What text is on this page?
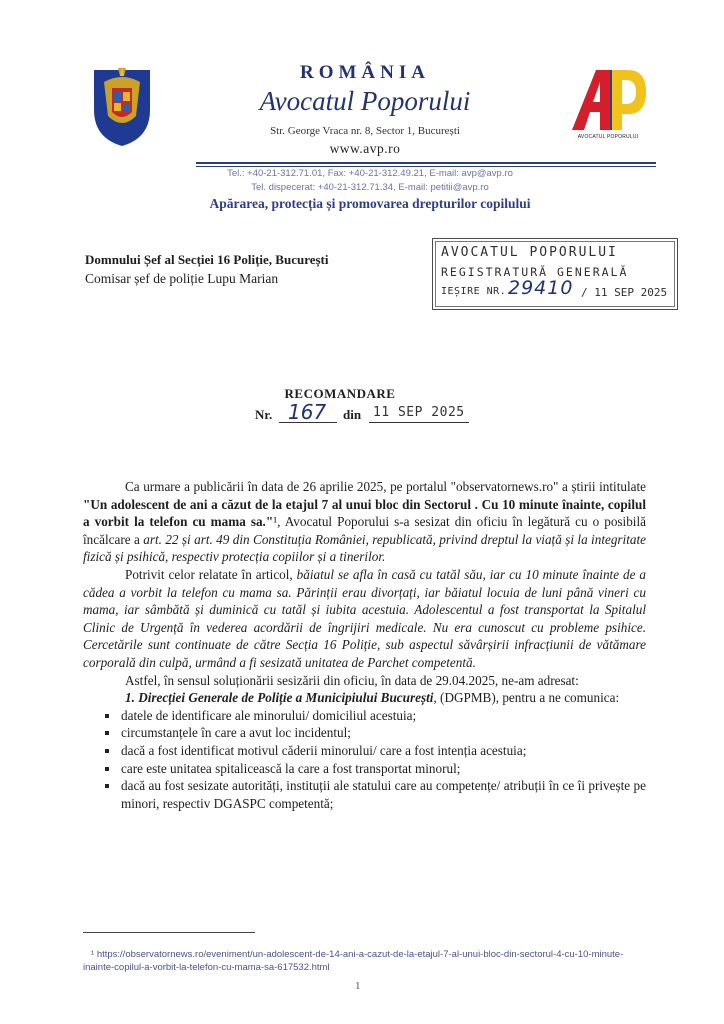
ROMÂNIA
Avocatul Poporului
Str. George Vraca nr. 8, Sector 1, București
www.avp.ro
AVOCATUL POPORULUI
Tel.: +40-21-312.71.01, Fax: +40-21-312.49.21, E-mail: avp@avp.ro
Tel. dispecerat: +40-21-312.71.34, E-mail: petitii@avp.ro
Apărarea, protecția și promovarea drepturilor copilului
Domnului Șef al Secției 16 Poliție, București
Comisar șef de poliție Lupu Marian
AVOCATUL POPORULUI
REGISTRATURĂ GENERALĂ
IEȘIRE NR. 29410 / 11 SEP 2025
RECOMANDARE
Nr. 167 din 11 SEP 2025

Ca urmare a publicării în data de 26 aprilie 2025, pe portalul "observatornews.ro" a știrii intitulate "Un adolescent de ani a căzut de la etajul 7 al unui bloc din Sectorul . Cu 10 minute înainte, copilul a vorbit la telefon cu mama sa."¹, Avocatul Poporului s-a sesizat din oficiu în legătură cu o posibilă încălcare a art. 22 și art. 49 din Constituția României, republicată, privind dreptul la viață și la integritate fizică și psihică, respectiv protecția copiilor și a tinerilor.

Potrivit celor relatate în articol, băiatul se afla în casă cu tatăl său, iar cu 10 minute înainte de a cădea a vorbit la telefon cu mama sa. Părinții erau divorțați, iar băiatul locuia de luni până vineri cu mama, iar sâmbătă și duminică cu tatăl și iubita acestuia. Adolescentul a fost transportat la Spitalul Clinic de Urgență în vederea acordării de îngrijiri medicale. Nu era cunoscut cu probleme psihice. Cercetările sunt continuate de către Secția 16 Poliție, sub aspectul săvârșirii infracțiunii de vătămare corporală din culpă, urmând a fi sesizată unitatea de Parchet competentă.

Astfel, în sensul soluționării sesizării din oficiu, în data de 29.04.2025, ne-am adresat:

1. Direcției Generale de Poliție a Municipiului București, (DGPMB), pentru a ne comunica:

datele de identificare ale minorului/ domiciliul acestuia;
circumstanțele în care a avut loc incidentul;
dacă a fost identificat motivul căderii minorului/ care a fost intenția acestuia;
care este unitatea spitalicească la care a fost transportat minorul;
dacă au fost sesizate autorități, instituții ale statului care au competențe/ atribuții în ce îi privește pe minori, respectiv DGASPC competentă;
¹ https://observatornews.ro/eveniment/un-adolescent-de-14-ani-a-cazut-de-la-etajul-7-al-unui-bloc-din-sectorul-4-cu-10-minute-inainte-copilul-a-vorbit-la-telefon-cu-mama-sa-617532.html
1
